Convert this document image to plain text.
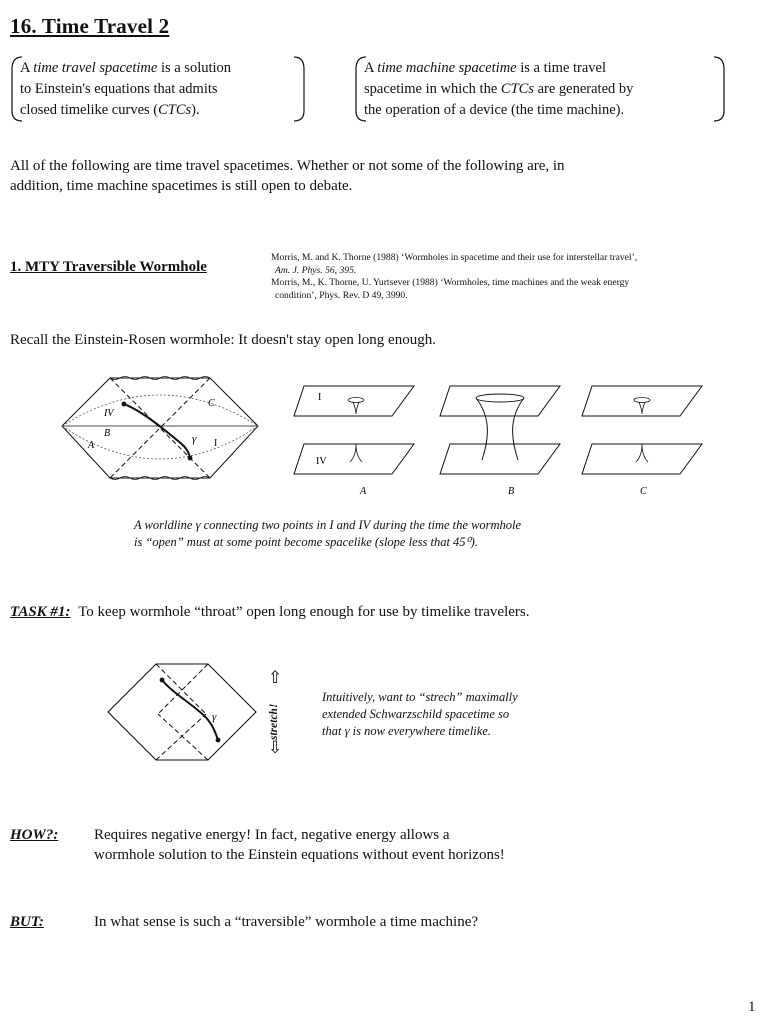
16. Time Travel 2
A time travel spacetime is a solution
to Einstein's equations that admits
closed timelike curves (CTCs).
A time machine spacetime is a time travel
spacetime in which the CTCs are generated by
the operation of a device (the time machine).
All of the following are time travel spacetimes. Whether or not some of the following are, in
addition, time machine spacetimes is still open to debate.
1. MTY Traversible Wormhole
Morris, M. and K. Thorne (1988) ‘Wormholes in spacetime and their use for interstellar travel’,
Am. J. Phys. 56, 395.
Morris, M., K. Thorne, U. Yurtsever (1988) ‘Wormholes, time machines and the weak energy
condition’, Phys. Rev. D 49, 3990.
Recall the Einstein-Rosen wormhole: It doesn't stay open long enough.
IV
I
γ
A
B
C
I
IV
A	B	C
A worldline γ connecting two points in I and IV during the time the wormhole
is “open” must at some point become spacelike (slope less that 45⁰).
TASK #1: To keep wormhole “throat” open long enough for use by timelike travelers.
γ
⇧
⇩
stretch!
Intuitively, want to “strech” maximally
extended Schwarzschild spacetime so
that γ is now everywhere timelike.
HOW?: Requires negative energy! In fact, negative energy allows a
wormhole solution to the Einstein equations without event horizons!
BUT:	In what sense is such a “traversible” wormhole a time machine?
1
